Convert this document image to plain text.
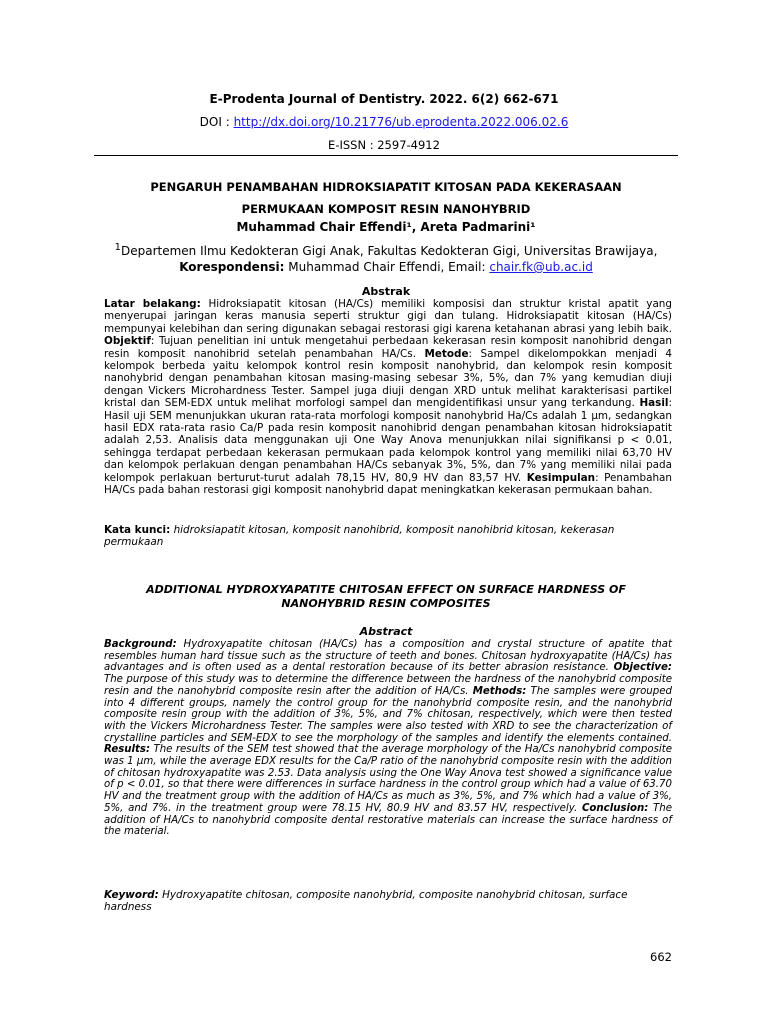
E-Prodenta Journal of Dentistry. 2022. 6(2) 662-671
DOI : http://dx.doi.org/10.21776/ub.eprodenta.2022.006.02.6
E-ISSN : 2597-4912
PENGARUH PENAMBAHAN HIDROKSIAPATIT KITOSAN PADA KEKERASAAN
PERMUKAAN KOMPOSIT RESIN NANOHYBRID
Muhammad Chair Effendi¹, Areta Padmarini¹
$^1$Departemen Ilmu Kedokteran Gigi Anak, Fakultas Kedokteran Gigi, Universitas Brawijaya,
Korespondensi: Muhammad Chair Effendi, Email: chair.fk@ub.ac.id
Abstrak
Latar belakang: Hidroksiapatit kitosan (HA/Cs) memiliki komposisi dan struktur kristal apatit yang menyerupai jaringan keras manusia seperti struktur gigi dan tulang. Hidroksiapatit kitosan (HA/Cs) mempunyai kelebihan dan sering digunakan sebagai restorasi gigi karena ketahanan abrasi yang lebih baik. Objektif: Tujuan penelitian ini untuk mengetahui perbedaan kekerasan resin komposit nanohibrid dengan resin komposit nanohibrid setelah penambahan HA/Cs. Metode: Sampel dikelompokkan menjadi 4 kelompok berbeda yaitu kelompok kontrol resin komposit nanohybrid, dan kelompok resin komposit nanohybrid dengan penambahan kitosan masing-masing sebesar 3%, 5%, dan 7% yang kemudian diuji dengan Vickers Microhardness Tester. Sampel juga diuji dengan XRD untuk melihat karakterisasi partikel kristal dan SEM-EDX untuk melihat morfologi sampel dan mengidentifikasi unsur yang terkandung. Hasil: Hasil uji SEM menunjukkan ukuran rata-rata morfologi komposit nanohybrid Ha/Cs adalah 1 μm, sedangkan hasil EDX rata-rata rasio Ca/P pada resin komposit nanohibrid dengan penambahan kitosan hidroksiapatit adalah 2,53. Analisis data menggunakan uji One Way Anova menunjukkan nilai signifikansi p < 0.01, sehingga terdapat perbedaan kekerasan permukaan pada kelompok kontrol yang memiliki nilai 63,70 HV dan kelompok perlakuan dengan penambahan HA/Cs sebanyak 3%, 5%, dan 7% yang memiliki nilai pada kelompok perlakuan berturut-turut adalah 78,15 HV, 80,9 HV dan 83,57 HV. Kesimpulan: Penambahan HA/Cs pada bahan restorasi gigi komposit nanohybrid dapat meningkatkan kekerasan permukaan bahan.
Kata kunci: hidroksiapatit kitosan, komposit nanohibrid, komposit nanohibrid kitosan, kekerasan permukaan
ADDITIONAL HYDROXYAPATITE CHITOSAN EFFECT ON SURFACE HARDNESS OF
NANOHYBRID RESIN COMPOSITES
Abstract
Background: Hydroxyapatite chitosan (HA/Cs) has a composition and crystal structure of apatite that resembles human hard tissue such as the structure of teeth and bones. Chitosan hydroxyapatite (HA/Cs) has advantages and is often used as a dental restoration because of its better abrasion resistance. Objective: The purpose of this study was to determine the difference between the hardness of the nanohybrid composite resin and the nanohybrid composite resin after the addition of HA/Cs. Methods: The samples were grouped into 4 different groups, namely the control group for the nanohybrid composite resin, and the nanohybrid composite resin group with the addition of 3%, 5%, and 7% chitosan, respectively, which were then tested with the Vickers Microhardness Tester. The samples were also tested with XRD to see the characterization of crystalline particles and SEM-EDX to see the morphology of the samples and identify the elements contained. Results: The results of the SEM test showed that the average morphology of the Ha/Cs nanohybrid composite was 1 μm, while the average EDX results for the Ca/P ratio of the nanohybrid composite resin with the addition of chitosan hydroxyapatite was 2.53. Data analysis using the One Way Anova test showed a significance value of p < 0.01, so that there were differences in surface hardness in the control group which had a value of 63.70 HV and the treatment group with the addition of HA/Cs as much as 3%, 5%, and 7% which had a value of 3%, 5%, and 7%. in the treatment group were 78.15 HV, 80.9 HV and 83.57 HV, respectively. Conclusion: The addition of HA/Cs to nanohybrid composite dental restorative materials can increase the surface hardness of the material.
Keyword: Hydroxyapatite chitosan, composite nanohybrid, composite nanohybrid chitosan, surface hardness
662
